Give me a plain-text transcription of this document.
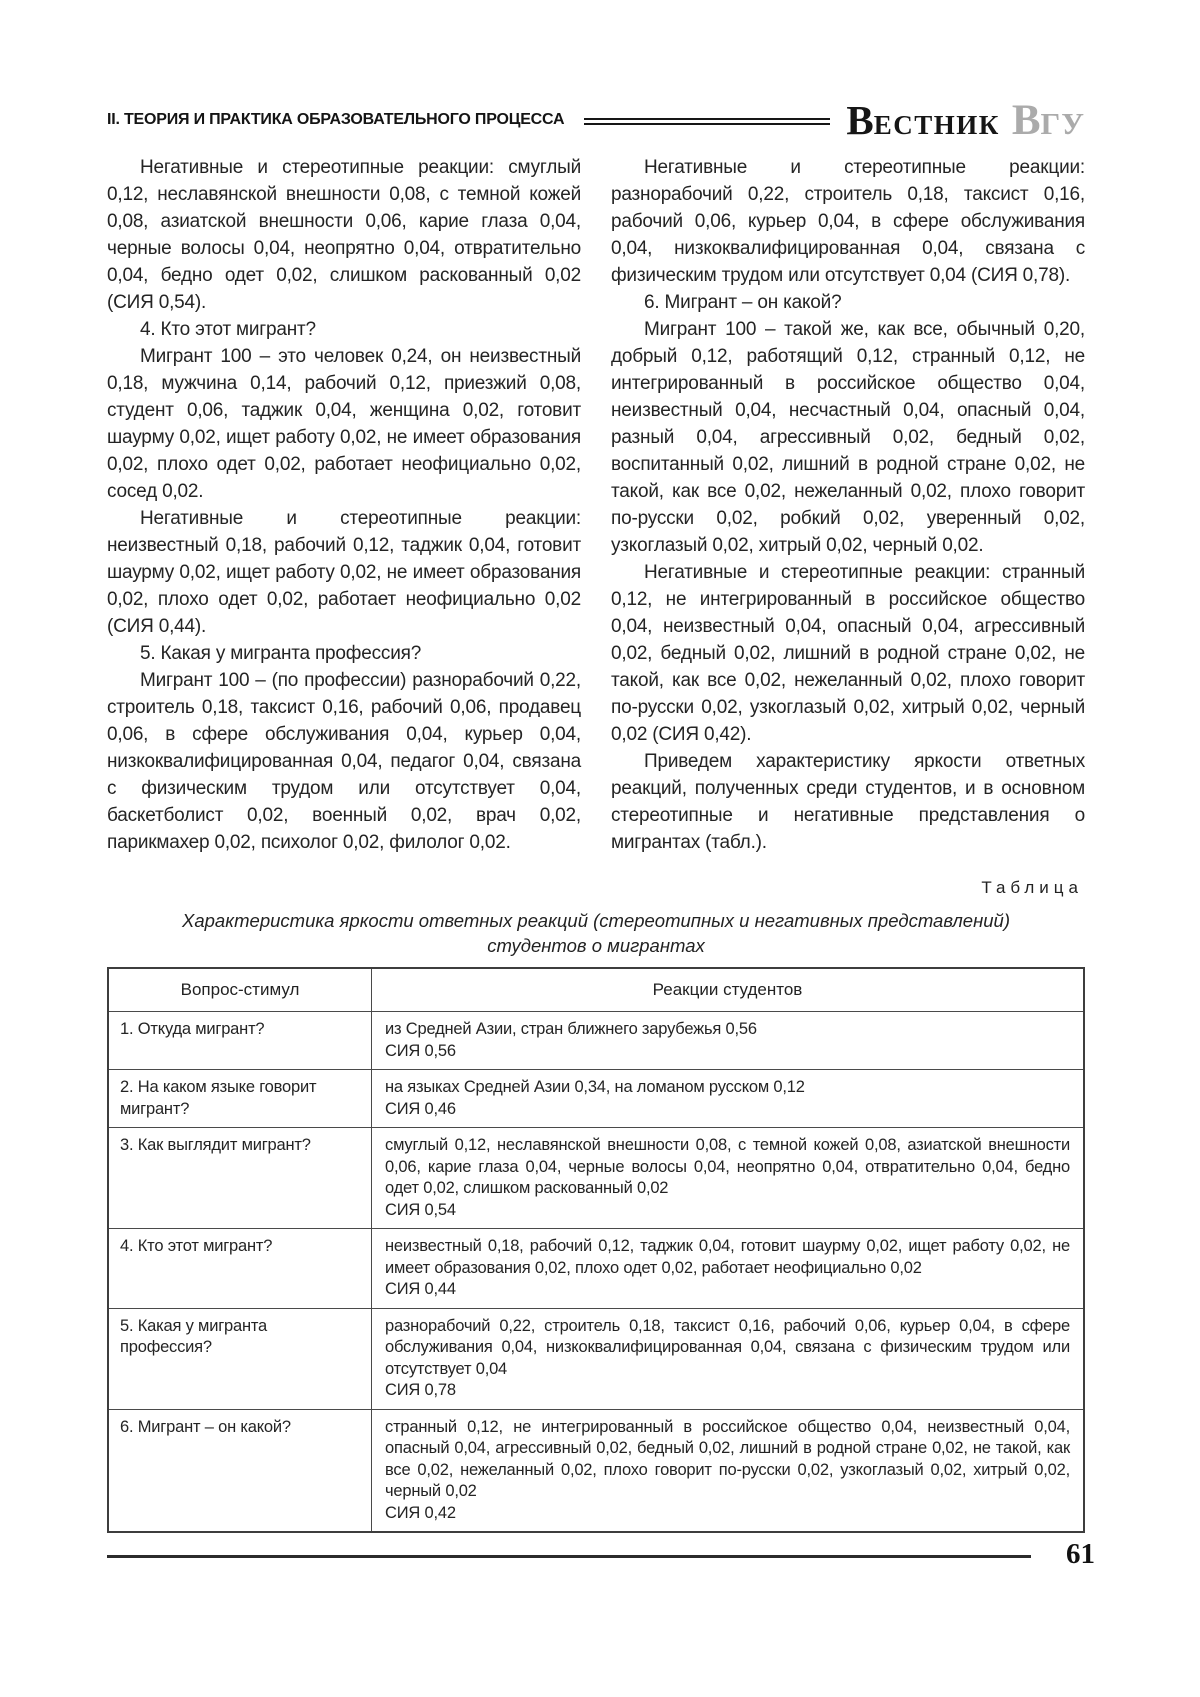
II. ТЕОРИЯ И ПРАКТИКА ОБРАЗОВАТЕЛЬНОГО ПРОЦЕССА	В ЕСТНИК В ГУ

Негативные и стереотипные реакции: смуглый 0,12, неславянской внешности 0,08, с темной кожей 0,08, азиатской внешности 0,06, карие глаза 0,04, черные волосы 0,04, неопрятно 0,04, отвратительно 0,04, бедно одет 0,02, слишком раскованный 0,02 (СИЯ 0,54).

4. Кто этот мигрант?

Мигрант 100 – это человек 0,24, он неизвестный 0,18, мужчина 0,14, рабочий 0,12, приезжий 0,08, студент 0,06, таджик 0,04, женщина 0,02, готовит шаурму 0,02, ищет работу 0,02, не имеет образования 0,02, плохо одет 0,02, работает неофициально 0,02, сосед 0,02.

Негативные и стереотипные реакции: неизвестный 0,18, рабочий 0,12, таджик 0,04, готовит шаурму 0,02, ищет работу 0,02, не имеет образования 0,02, плохо одет 0,02, работает неофициально 0,02 (СИЯ 0,44).

5. Какая у мигранта профессия?

Мигрант 100 – (по профессии) разнорабочий 0,22, строитель 0,18, таксист 0,16, рабочий 0,06, продавец 0,06, в сфере обслуживания 0,04, курьер 0,04, низкоквалифицированная 0,04, педагог 0,04, связана с физическим трудом или отсутствует 0,04, баскетболист 0,02, военный 0,02, врач 0,02, парикмахер 0,02, психолог 0,02, филолог 0,02.

Негативные и стереотипные реакции: разнорабочий 0,22, строитель 0,18, таксист 0,16, рабочий 0,06, курьер 0,04, в сфере обслуживания 0,04, низкоквалифицированная 0,04, связана с физическим трудом или отсутствует 0,04 (СИЯ 0,78).

6. Мигрант – он какой?

Мигрант 100 – такой же, как все, обычный 0,20, добрый 0,12, работящий 0,12, странный 0,12, не интегрированный в российское общество 0,04, неизвестный 0,04, несчастный 0,04, опасный 0,04, разный 0,04, агрессивный 0,02, бедный 0,02, воспитанный 0,02, лишний в родной стране 0,02, не такой, как все 0,02, нежеланный 0,02, плохо говорит по-русски 0,02, робкий 0,02, уверенный 0,02, узкоглазый 0,02, хитрый 0,02, черный 0,02.

Негативные и стереотипные реакции: странный 0,12, не интегрированный в российское общество 0,04, неизвестный 0,04, опасный 0,04, агрессивный 0,02, бедный 0,02, лишний в родной стране 0,02, не такой, как все 0,02, нежеланный 0,02, плохо говорит по-русски 0,02, узкоглазый 0,02, хитрый 0,02, черный 0,02 (СИЯ 0,42).

Приведем характеристику яркости ответных реакций, полученных среди студентов, и в основном стереотипные и негативные представления о мигрантах (табл.).

Таблица
Характеристика яркости ответных реакций (стереотипных и негативных представлений)
студентов о мигрантах
Вопрос-стимул	Реакции студентов
1. Откуда мигрант?	из Средней Азии, стран ближнего зарубежья 0,56
СИЯ 0,56

2. На каком языке говорит мигрант?	на языках Средней Азии 0,34, на ломаном русском 0,12
СИЯ 0,46

3. Как выглядит мигрант?	смуглый 0,12, неславянской внешности 0,08, с темной кожей 0,08, азиатской внешности 0,06, карие глаза 0,04, черные волосы 0,04, неопрятно 0,04, отвратительно 0,04, бедно одет 0,02, слишком раскованный 0,02
СИЯ 0,54

4. Кто этот мигрант?	неизвестный 0,18, рабочий 0,12, таджик 0,04, готовит шаурму 0,02, ищет работу 0,02, не имеет образования 0,02, плохо одет 0,02, работает неофициально 0,02
СИЯ 0,44

5. Какая у мигранта профессия?	разнорабочий 0,22, строитель 0,18, таксист 0,16, рабочий 0,06, курьер 0,04, в сфере обслуживания 0,04, низкоквалифицированная 0,04, связана с физическим трудом или отсутствует 0,04
СИЯ 0,78

6. Мигрант – он какой?	странный 0,12, не интегрированный в российское общество 0,04, неизвестный 0,04, опасный 0,04, агрессивный 0,02, бедный 0,02, лишний в родной стране 0,02, не такой, как все 0,02, нежеланный 0,02, плохо говорит по-русски 0,02, узкоглазый 0,02, хитрый 0,02, черный 0,02
СИЯ 0,42
61
